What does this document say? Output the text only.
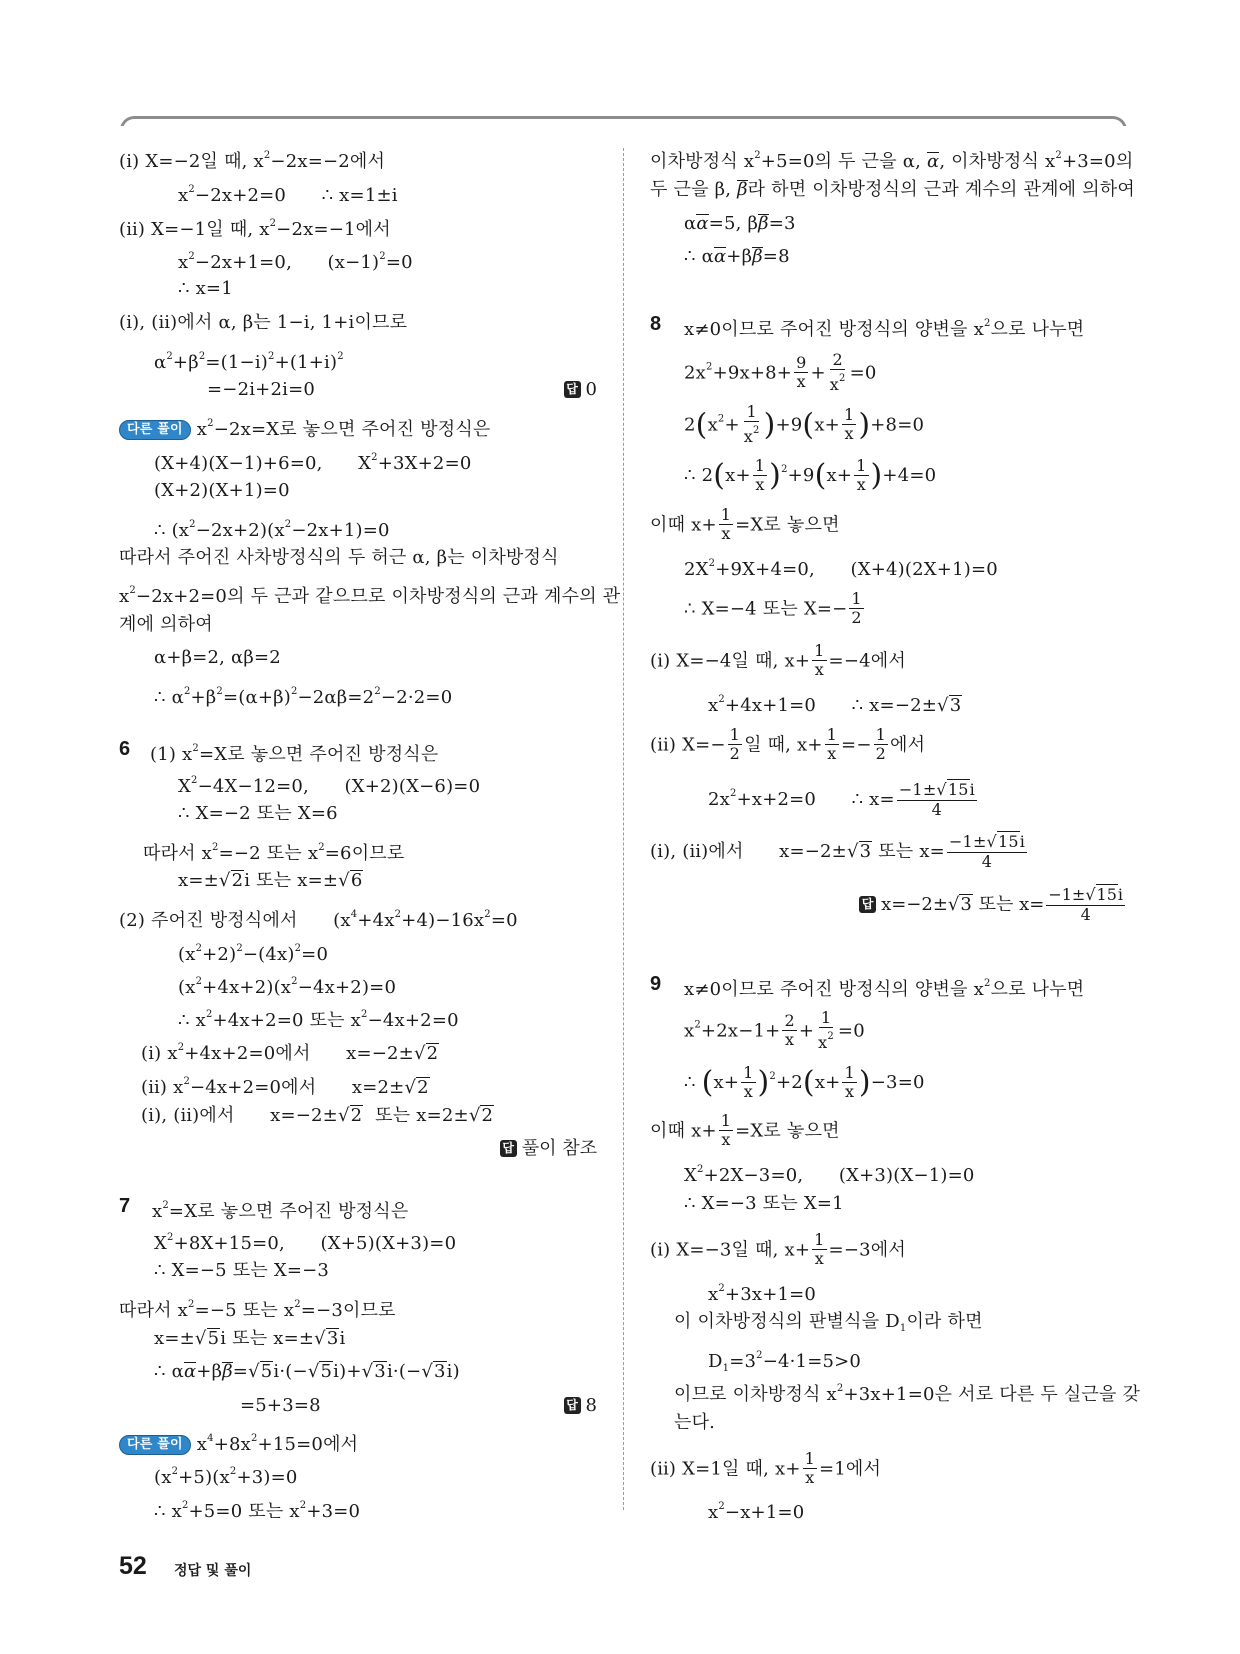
(ⅰ) X=−2일 때, $x^2-2x=-2$에서
$x^2-2x+2=0$      ∴ x=1±i
(ⅱ) X=−1일 때, $x^2-2x=-1$에서
$x^2-2x+1=0$,      $(x-1)^2=0$
∴ x=1
(ⅰ), (ⅱ)에서 α, β는 1−i, 1+i이므로
$\alpha^2+\beta^2=(1-i)^2+(1+i)^2$
=−2i+2i=0	답 0
다른 풀이 $x^2-2x=X$로 놓으면 주어진 방정식은
(X+4)(X−1)+6=0,      $X^2+3X+2=0$
(X+2)(X+1)=0
∴ $(x^2-2x+2)(x^2-2x+1)=0$
따라서 주어진 사차방정식의 두 허근 α, β는 이차방정식
$x^2-2x+2=0$의 두 근과 같으므로 이차방정식의 근과 계수의 관
계에 의하여
α+β=2, αβ=2
∴ $\alpha^2+\beta^2=(\alpha+\beta)^2-2\alpha\beta=2^2-2\cdot 2=0$
6 (1) $x^2=X$로 놓으면 주어진 방정식은
$X^2-4X-12=0$,      (X+2)(X−6)=0
∴ X=−2 또는 X=6
따라서 $x^2=-2$ 또는 $x^2=6$이므로
x=±√2i 또는 x=±√6
(2) 주어진 방정식에서      $(x^4+4x^2+4)-16x^2=0$
$(x^2+2)^2-(4x)^2=0$
$(x^2+4x+2)(x^2-4x+2)=0$
∴ $x^2+4x+2=0$ 또는 $x^2-4x+2=0$
(ⅰ) $x^2+4x+2=0$에서      x=−2±√2
(ⅱ) $x^2-4x+2=0$에서      x=2±√2
(ⅰ), (ⅱ)에서      x=−2±√2  또는 x=2±√2
답 풀이 참조
7 $x^2=X$로 놓으면 주어진 방정식은
$X^2+8X+15=0$,      (X+5)(X+3)=0
∴ X=−5 또는 X=−3
따라서 $x^2=-5$ 또는 $x^2=-3$이므로
x=±√5i 또는 x=±√3i
∴ αα+ββ=√5i·(−√5i)+√3i·(−√3i)
=5+3=8	답 8
다른 풀이 $x^4+8x^2+15=0$에서
$(x^2+5)(x^2+3)=0$
∴ $x^2+5=0$ 또는 $x^2+3=0$
이차방정식 $x^2+5=0$의 두 근을 α, α, 이차방정식 $x^2+3=0$의
두 근을 β, β라 하면 이차방정식의 근과 계수의 관계에 의하여
αα=5, ββ=3
∴ αα+ββ=8
8 x≠0이므로 주어진 방정식의 양변을 $x^2$으로 나누면
$2x^2+9x+8+ \frac{9}{x} + \frac{2}{x^2} =0$
$2(x^2+ \frac{1}{x^2} )+9(x+ \frac{1}{x} )+8=0$
∴ $2(x+ \frac{1}{x} )^2+9(x+ \frac{1}{x} )+4=0$
이때 $x+ \frac{1}{x} =X$로 놓으면
$2X^2+9X+4=0$,      (X+4)(2X+1)=0
∴ X=−4 또는 $X=- \frac{1}{2}$
(ⅰ) X=−4일 때, $x+ \frac{1}{x} =-4$에서
$x^2+4x+1=0$      ∴ x=−2±√3
(ⅱ) $X=- \frac{1}{2}$ 일 때, $x+ \frac{1}{x} =- \frac{1}{2}$ 에서
$2x^2+x+2=0$      ∴ $x= \frac{-1\pm√15i}{4}$
(ⅰ), (ⅱ)에서      x=−2±√3 또는 $x= \frac{-1\pm√15i}{4}$
답 x=−2±√3 또는 $x= \frac{-1\pm√15i}{4}$
9 x≠0이므로 주어진 방정식의 양변을 $x^2$으로 나누면
$x^2+2x-1+ \frac{2}{x} + \frac{1}{x^2} =0$
∴ $(x+ \frac{1}{x} )^2+2(x+ \frac{1}{x} )-3=0$
이때 $x+ \frac{1}{x} =X$로 놓으면
$X^2+2X-3=0$,      (X+3)(X−1)=0
∴ X=−3 또는 X=1
(ⅰ) X=−3일 때, $x+ \frac{1}{x} =-3$에서
$x^2+3x+1=0$
이 이차방정식의 판별식을 $D_1$이라 하면
$D_1=3^2-4\cdot 1=5>0$
이므로 이차방정식 $x^2+3x+1=0$은 서로 다른 두 실근을 갖
는다.
(ⅱ) X=1일 때, $x+ \frac{1}{x} =1$에서
$x^2-x+1=0$
52 정답 및 풀이
